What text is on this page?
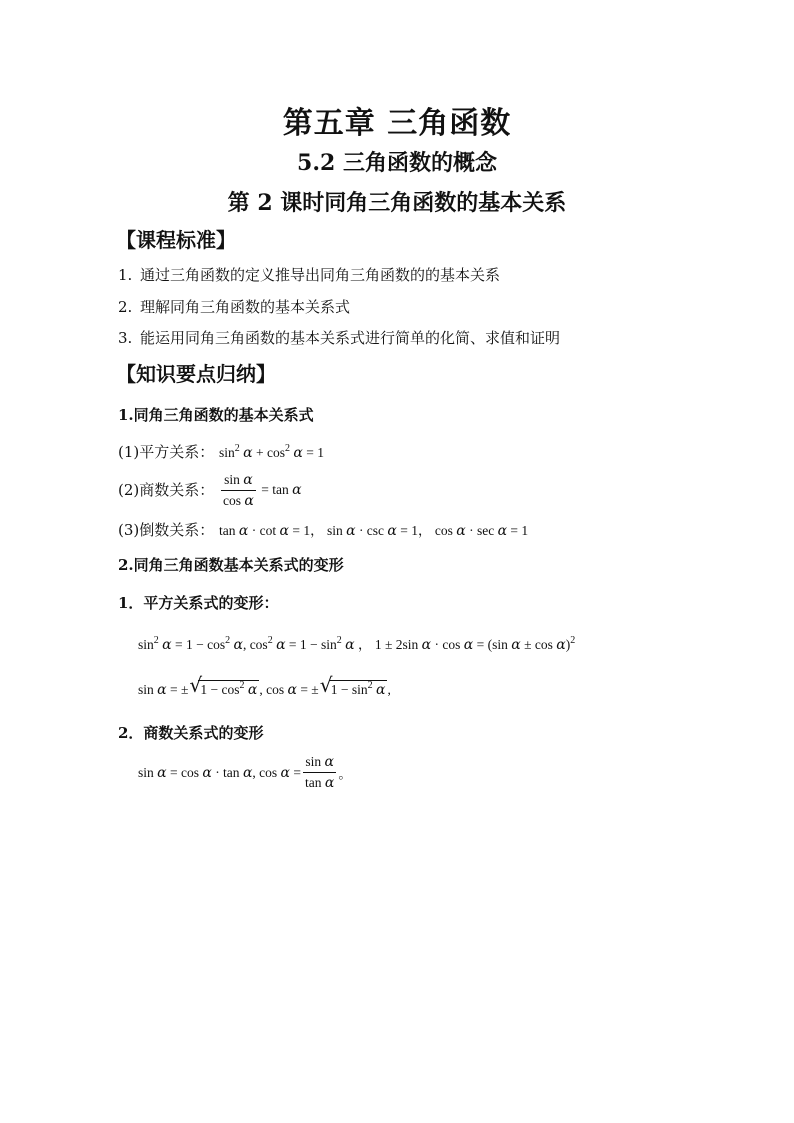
第五章 三角函数
5.2 三角函数的概念
第 2 课时同角三角函数的基本关系
【课程标准】
1. 通过三角函数的定义推导出同角三角函数的的基本关系
2. 理解同角三角函数的基本关系式
3. 能运用同角三角函数的基本关系式进行简单的化简、求值和证明
【知识要点归纳】
1.同角三角函数的基本关系式
(1)平方关系： $\sin^2 \alpha + \cos^2 \alpha = 1$
(2)商数关系： $\frac{\text{sin α}}{\text{cos α}} = \tan \alpha$
(3)倒数关系： tan α · cot α = 1， sin α · csc α = 1， cos α · sec α = 1
2.同角三角函数基本关系式的变形
1．平方关系式的变形：
$\sin^2 \alpha = 1 - \cos^2 \alpha$, $\cos^2 \alpha = 1 - \sin^2 \alpha$ ， 1 ± 2sin α · cos α = (sin α ± cos α)$^2$
sin α = ± √
$1 - \cos^2 \alpha$ , cos α = ± √
$1 - \sin^2 \alpha$ ,
2．商数关系式的变形
sin α = cos α · tan α, $\cos \alpha = \frac{\text{sin α}}{\text{tan α}}$ 。
